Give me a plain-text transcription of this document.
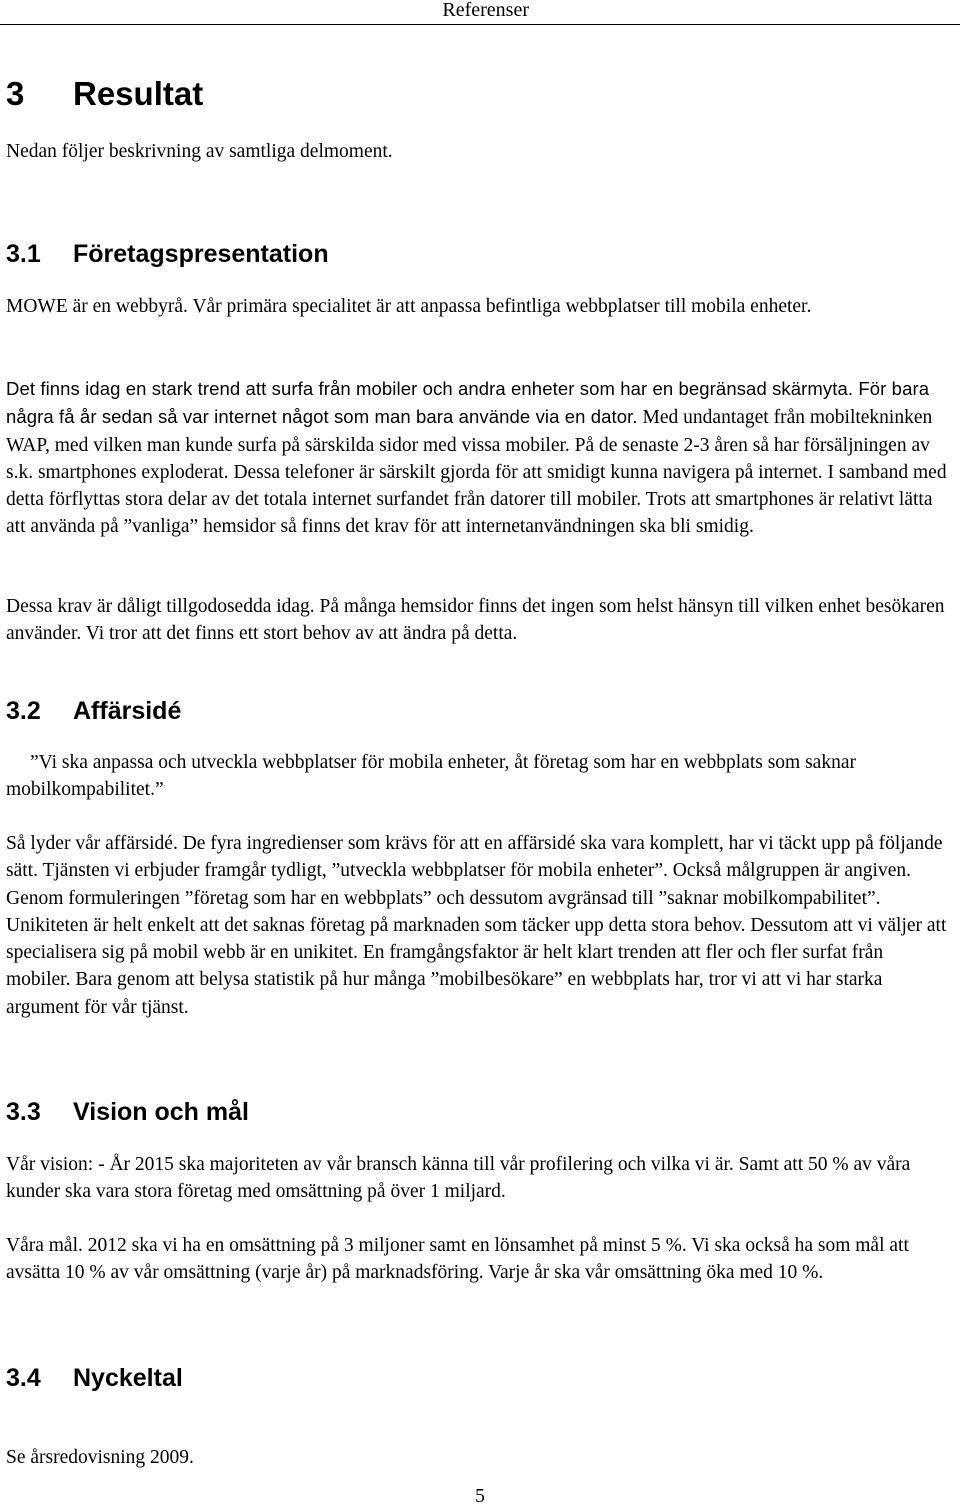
Referenser
3 Resultat

Nedan följer beskrivning av samtliga delmoment.

3.1 Företagspresentation

MOWE är en webbyrå. Vår primära specialitet är att anpassa befintliga webbplatser till mobila enheter.

Det finns idag en stark trend att surfa från mobiler och andra enheter som har en begränsad skärmyta. För bara några få år sedan så var internet något som man bara använde via en dator. Med undantaget från mobiltekninken WAP, med vilken man kunde surfa på särskilda sidor med vissa mobiler. På de senaste 2-3 åren så har försäljningen av s.k. smartphones exploderat. Dessa telefoner är särskilt gjorda för att smidigt kunna navigera på internet. I samband med detta förflyttas stora delar av det totala internet surfandet från datorer till mobiler. Trots att smartphones är relativt lätta att använda på ”vanliga” hemsidor så finns det krav för att internetanvändningen ska bli smidig.

Dessa krav är dåligt tillgodosedda idag. På många hemsidor finns det ingen som helst hänsyn till vilken enhet besökaren använder. Vi tror att det finns ett stort behov av att ändra på detta.

3.2 Affärsidé

”Vi ska anpassa och utveckla webbplatser för mobila enheter, åt företag som har en webbplats som saknar mobilkompabilitet.”

Så lyder vår affärsidé. De fyra ingredienser som krävs för att en affärsidé ska vara komplett, har vi täckt upp på följande sätt. Tjänsten vi erbjuder framgår tydligt, ”utveckla webbplatser för mobila enheter”. Också målgruppen är angiven. Genom formuleringen ”företag som har en webbplats” och dessutom avgränsad till ”saknar mobilkompabilitet”. Unikiteten är helt enkelt att det saknas företag på marknaden som täcker upp detta stora behov. Dessutom att vi väljer att specialisera sig på mobil webb är en unikitet. En framgångsfaktor är helt klart trenden att fler och fler surfat från mobiler. Bara genom att belysa statistik på hur många ”mobilbesökare” en webbplats har, tror vi att vi har starka argument för vår tjänst.

3.3 Vision och mål

Vår vision: - År 2015 ska majoriteten av vår bransch känna till vår profilering och vilka vi är. Samt att 50 % av våra kunder ska vara stora företag med omsättning på över 1 miljard.

Våra mål. 2012 ska vi ha en omsättning på 3 miljoner samt en lönsamhet på minst 5 %. Vi ska också ha som mål att avsätta 10 % av vår omsättning (varje år) på marknadsföring. Varje år ska vår omsättning öka med 10 %.

3.4 Nyckeltal

Se årsredovisning 2009.

5
